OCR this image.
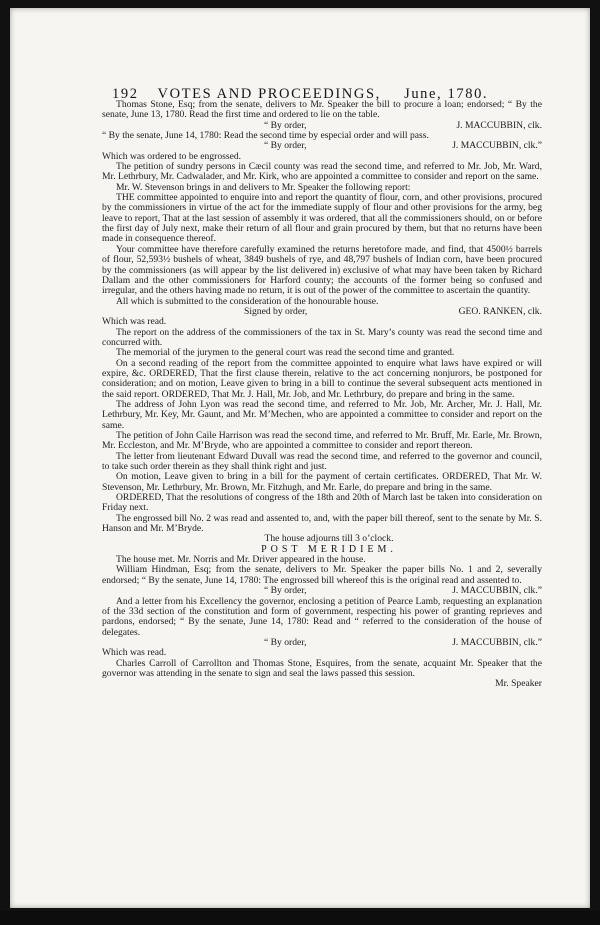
192 VOTES AND PROCEEDINGS, June, 1780.

Thomas Stone, Esq; from the senate, delivers to Mr. Speaker the bill to procure a loan; endorsed; “ By the senate, June 13, 1780. Read the first time and ordered to lie on the table.

“ By order,	J. MACCUBBIN, clk.

“ By the senate, June 14, 1780: Read the second time by especial order and will pass.

“ By order,	J. MACCUBBIN, clk.”

Which was ordered to be engrossed.

The petition of sundry persons in Cæcil county was read the second time, and referred to Mr. Job, Mr. Ward, Mr. Lethrbury, Mr. Cadwalader, and Mr. Kirk, who are appointed a committee to consider and report on the same.

Mr. W. Stevenson brings in and delivers to Mr. Speaker the following report:

THE committee appointed to enquire into and report the quantity of flour, corn, and other provisions, procured by the commissioners in virtue of the act for the immediate supply of flour and other provisions for the army, beg leave to report, That at the last session of assembly it was ordered, that all the commissioners should, on or before the first day of July next, make their return of all flour and grain procured by them, but that no returns have been made in consequence thereof.

Your committee have therefore carefully examined the returns heretofore made, and find, that 4500½ barrels of flour, 52,593½ bushels of wheat, 3849 bushels of rye, and 48,797 bushels of Indian corn, have been procured by the commissioners (as will appear by the list delivered in) exclusive of what may have been taken by Richard Dallam and the other commissioners for Harford county; the accounts of the former being so confused and irregular, and the others having made no return, it is out of the power of the committee to ascertain the quantity.

All which is submitted to the consideration of the honourable house.

Signed by order,	GEO. RANKEN, clk.

Which was read.

The report on the address of the commissioners of the tax in St. Mary’s county was read the second time and concurred with.

The memorial of the jurymen to the general court was read the second time and granted.

On a second reading of the report from the committee appointed to enquire what laws have expired or will expire, &c. ORDERED, That the first clause therein, relative to the act concerning nonjurors, be postponed for consideration; and on motion, Leave given to bring in a bill to continue the several subsequent acts mentioned in the said report. ORDERED, That Mr. J. Hall, Mr. Job, and Mr. Lethrbury, do prepare and bring in the same.

The address of John Lyon was read the second time, and referred to Mr. Job, Mr. Archer, Mr. J. Hall, Mr. Lethrbury, Mr. Key, Mr. Gaunt, and Mr. M’Mechen, who are appointed a committee to consider and report on the same.

The petition of John Caile Harrison was read the second time, and referred to Mr. Bruff, Mr. Earle, Mr. Brown, Mr. Eccleston, and Mr. M’Bryde, who are appointed a committee to consider and report thereon.

The letter from lieutenant Edward Duvall was read the second time, and referred to the governor and council, to take such order therein as they shall think right and just.

On motion, Leave given to bring in a bill for the payment of certain certificates. ORDERED, That Mr. W. Stevenson, Mr. Lethrbury, Mr. Brown, Mr. Fitzhugh, and Mr. Earle, do prepare and bring in the same.

ORDERED, That the resolutions of congress of the 18th and 20th of March last be taken into consideration on Friday next.

The engrossed bill No. 2 was read and assented to, and, with the paper bill thereof, sent to the senate by Mr. S. Hanson and Mr. M’Bryde.

The house adjourns till 3 o’clock.

POST MERIDIEM.

The house met. Mr. Norris and Mr. Driver appeared in the house.

William Hindman, Esq; from the senate, delivers to Mr. Speaker the paper bills No. 1 and 2, severally endorsed; “ By the senate, June 14, 1780: The engrossed bill whereof this is the original read and assented to.

“ By order,	J. MACCUBBIN, clk.”

And a letter from his Excellency the governor, enclosing a petition of Pearce Lamb, requesting an explanation of the 33d section of the constitution and form of government, respecting his power of granting reprieves and pardons, endorsed; “ By the senate, June 14, 1780: Read and “ referred to the consideration of the house of delegates.

“ By order,	J. MACCUBBIN, clk.”

Which was read.

Charles Carroll of Carrollton and Thomas Stone, Esquires, from the senate, acquaint Mr. Speaker that the governor was attending in the senate to sign and seal the laws passed this session.

Mr. Speaker
